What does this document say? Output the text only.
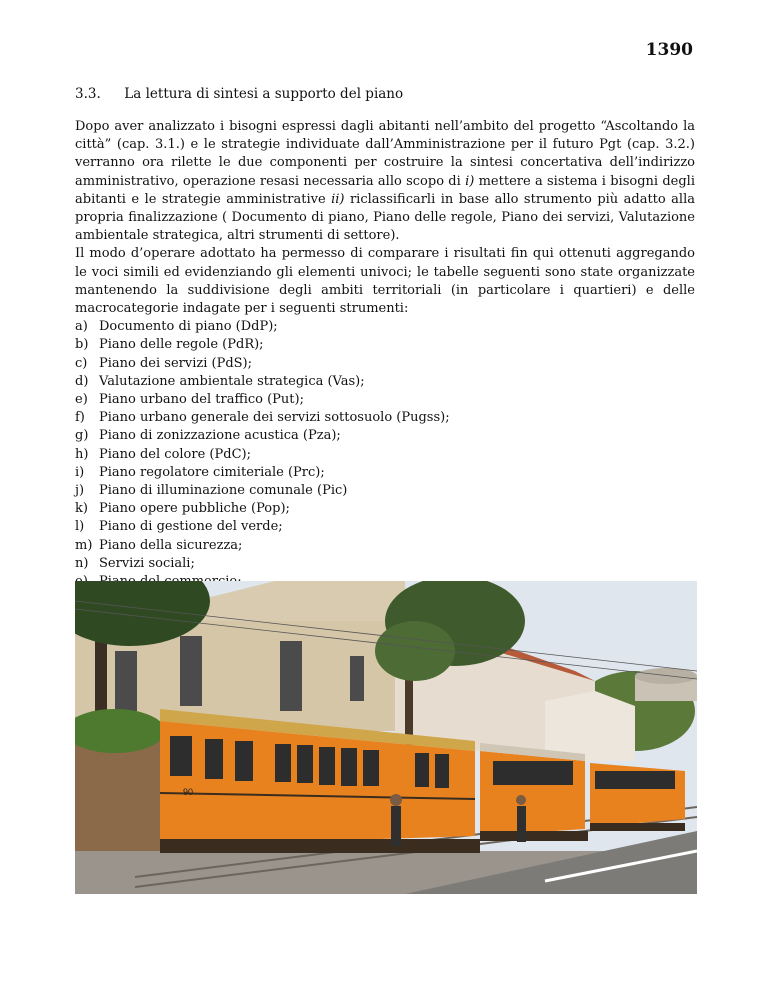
1390
3.3. La lettura di sintesi a supporto del piano

Dopo aver analizzato i bisogni espressi dagli abitanti nell’ambito del progetto “Ascoltando la città” (cap. 3.1.) e le strategie individuate dall’Amministrazione per il futuro Pgt (cap. 3.2.) verranno ora rilette le due componenti per costruire la sintesi concertativa dell’indirizzo amministrativo, operazione resasi necessaria allo scopo di i) mettere a sistema i bisogni degli abitanti e le strategie amministrative ii) riclassificarli in base allo strumento più adatto alla propria finalizzazione ( Documento di piano, Piano delle regole, Piano dei servizi, Valutazione ambientale strategica, altri strumenti di settore).

Il modo d’operare adottato ha permesso di comparare i risultati fin qui ottenuti aggregando le voci simili ed evidenziando gli elementi univoci; le tabelle seguenti sono state organizzate mantenendo la suddivisione degli ambiti territoriali (in particolare i quartieri) e delle macrocategorie indagate per i seguenti strumenti:

a) Documento di piano (DdP);
b) Piano delle regole (PdR);
c) Piano dei servizi (PdS);
d) Valutazione ambientale strategica (Vas);
e) Piano urbano del traffico (Put);
f)	Piano urbano generale dei servizi sottosuolo (Pugss);
g) Piano di zonizzazione acustica (Pza);
h) Piano del colore (PdC);
i)	Piano regolatore cimiteriale (Prc);
j)	Piano di illuminazione comunale (Pic)
k) Piano opere pubbliche (Pop);
l)	Piano di gestione del verde;
m) Piano della sicurezza;
n) Servizi sociali;
90
